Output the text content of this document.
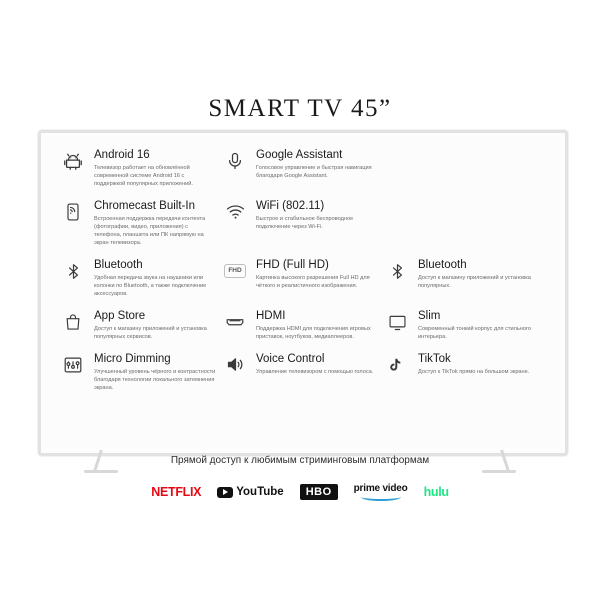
SMART TV 45”
Android 16
Телевизор работает на обновлённой современной системе Android 16 с поддержкой популярных приложений.
Google Assistant
Голосовое управление и быстрая навигация благодаря Google Assistant.
Chromecast Built-In
Встроенная поддержка передачи контента (фотографии, видео, приложения) с телефона, планшета или ПК напрямую на экран телевизора.
WiFi (802.11)
Быстрое и стабильное беспроводное подключение через Wi-Fi.
Bluetooth
Удобная передача звука на наушники или колонки по Bluetooth, а также подключение аксессуаров.
FHD	FHD (Full HD)
Картинка высокого разрешения Full HD для чёткого и реалистичного изображения.
Bluetooth
Доступ к магазину приложений и установка популярных.
App Store
Доступ к магазину приложений и установка популярных сервисов.
HDMI
Поддержка HDMI для подключения игровых приставок, ноутбуков, медиаплееров.
Slim
Современный тонкий корпус для стильного интерьера.
Micro Dimming
Улучшенный уровень чёрного и контрастности благодаря технологии локального затемнения экрана.
Voice Control
Управление телевизором с помощью голоса.
TikTok
Доступ к TikTok прямо на большом экране.
Прямой доступ к любимым стриминговым платформам
NETFLIX	YouTube	HBO	prime video hulu
